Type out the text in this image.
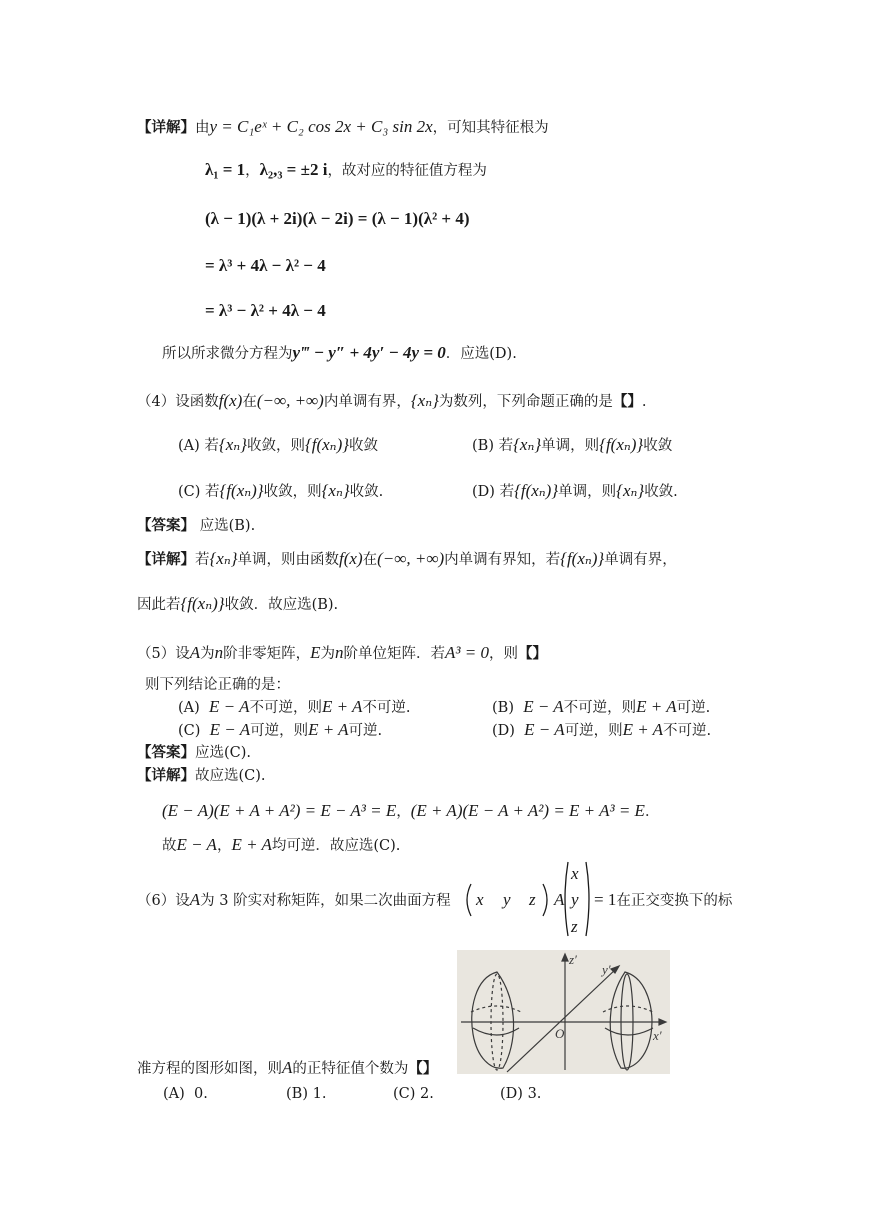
【详解】由y = C₁eˣ + C₂ cos 2x + C₃ sin 2x，可知其特征根为
λ₁ = 1，λ₂,₃ = ±2 i，故对应的特征值方程为
(λ − 1)(λ + 2i)(λ − 2i) = (λ − 1)(λ² + 4)
= λ³ + 4λ − λ² − 4
= λ³ − λ² + 4λ − 4
所以所求微分方程为y‴ − y″ + 4y′ − 4y = 0．应选(D).
（4）设函数f(x)在(−∞, +∞)内单调有界，{xₙ}为数列，下列命题正确的是【】.
(A) 若{xₙ}收敛，则{f(xₙ)}收敛	(B) 若{xₙ}单调，则{f(xₙ)}收敛
(C) 若{f(xₙ)}收敛，则{xₙ}收敛.	(D) 若{f(xₙ)}单调，则{xₙ}收敛.
【答案】 应选(B).
【详解】若{xₙ}单调，则由函数f(x)在(−∞, +∞)内单调有界知，若{f(xₙ)}单调有界，
因此若{f(xₙ)}收敛．故应选(B).
（5）设A为n阶非零矩阵，E为n阶单位矩阵．若A³ = 0，则【】
则下列结论正确的是：
(A) E − A不可逆，则E + A不可逆.	(B) E − A不可逆，则E + A可逆.
(C) E − A可逆，则E + A可逆.	(D) E − A可逆，则E + A不可逆.
【答案】应选(C).
【详解】故应选(C).
(E − A)(E + A + A²) = E − A³ = E，(E + A)(E − A + A²) = E + A³ = E．
故E − A，E + A均可逆．故应选(C).
（6）设A为 3 阶实对称矩阵，如果二次曲面方程 x y z A
x
y
z
= 1在正交变换下的标
z′
y′
x′
O
准方程的图形如图，则A的正特征值个数为【】
(A) 0.	(B) 1.	(C) 2.	(D) 3.
